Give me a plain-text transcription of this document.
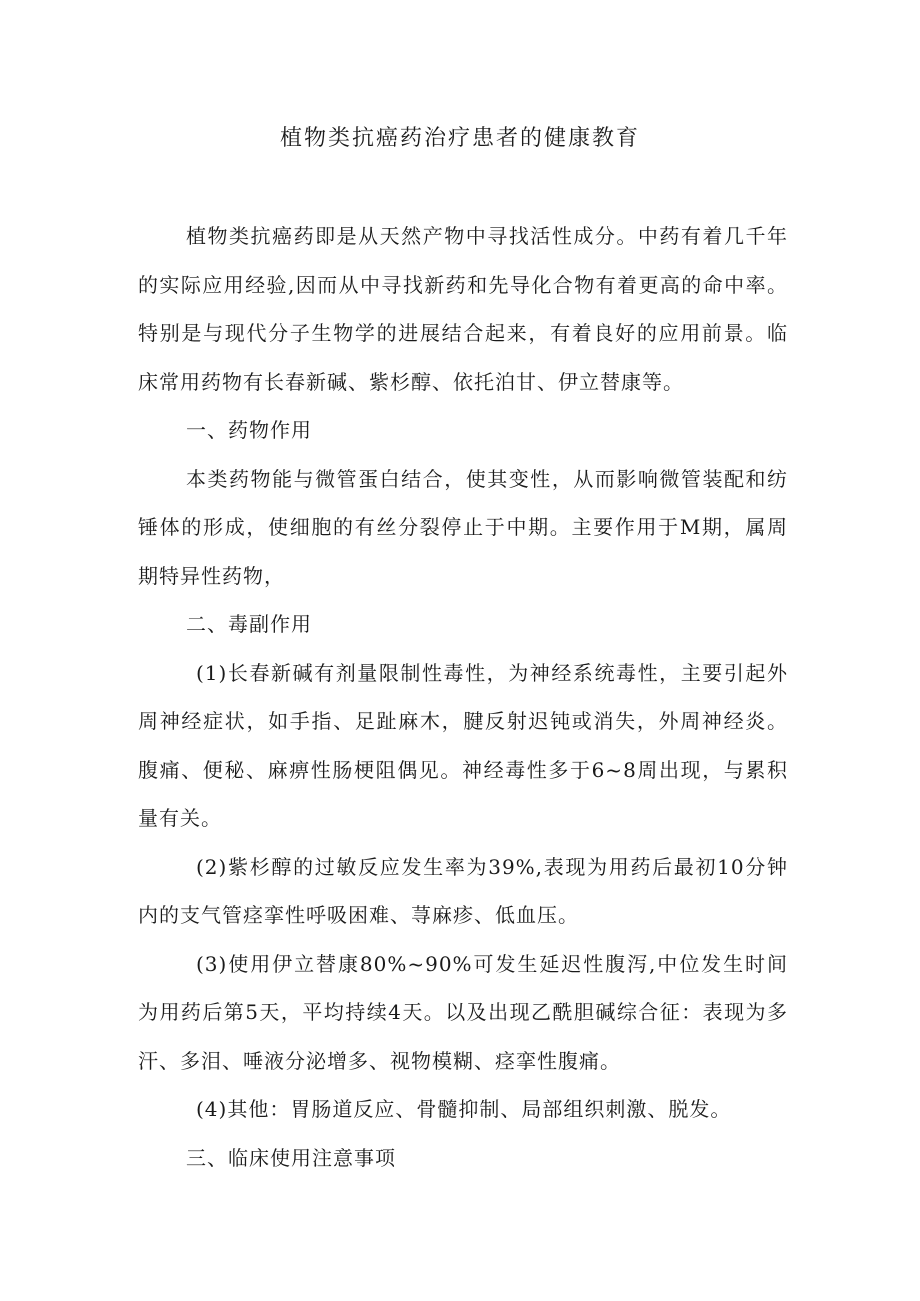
植物类抗癌药治疗患者的健康教育

植物类抗癌药即是从天然产物中寻找活性成分。中药有着几千年的实际应用经验,因而从中寻找新药和先导化合物有着更高的命中率。特别是与现代分子生物学的进展结合起来，有着良好的应用前景。临床常用药物有长春新碱、紫杉醇、依托泊甘、伊立替康等。

一、药物作用

本类药物能与微管蛋白结合，使其变性，从而影响微管装配和纺锤体的形成，使细胞的有丝分裂停止于中期。主要作用于M期，属周期特异性药物，

二、毒副作用

(1)长春新碱有剂量限制性毒性，为神经系统毒性，主要引起外周神经症状，如手指、足趾麻木，腱反射迟钝或消失，外周神经炎。腹痛、便秘、麻痹性肠梗阻偶见。神经毒性多于6~8周出现，与累积量有关。

(2)紫杉醇的过敏反应发生率为39%,表现为用药后最初10分钟内的支气管痉挛性呼吸困难、荨麻疹、低血压。

(3)使用伊立替康80%~90%可发生延迟性腹泻,中位发生时间为用药后第5天，平均持续4天。以及出现乙酰胆碱综合征：表现为多汗、多泪、唾液分泌增多、视物模糊、痉挛性腹痛。

(4)其他：胃肠道反应、骨髓抑制、局部组织刺激、脱发。

三、临床使用注意事项
